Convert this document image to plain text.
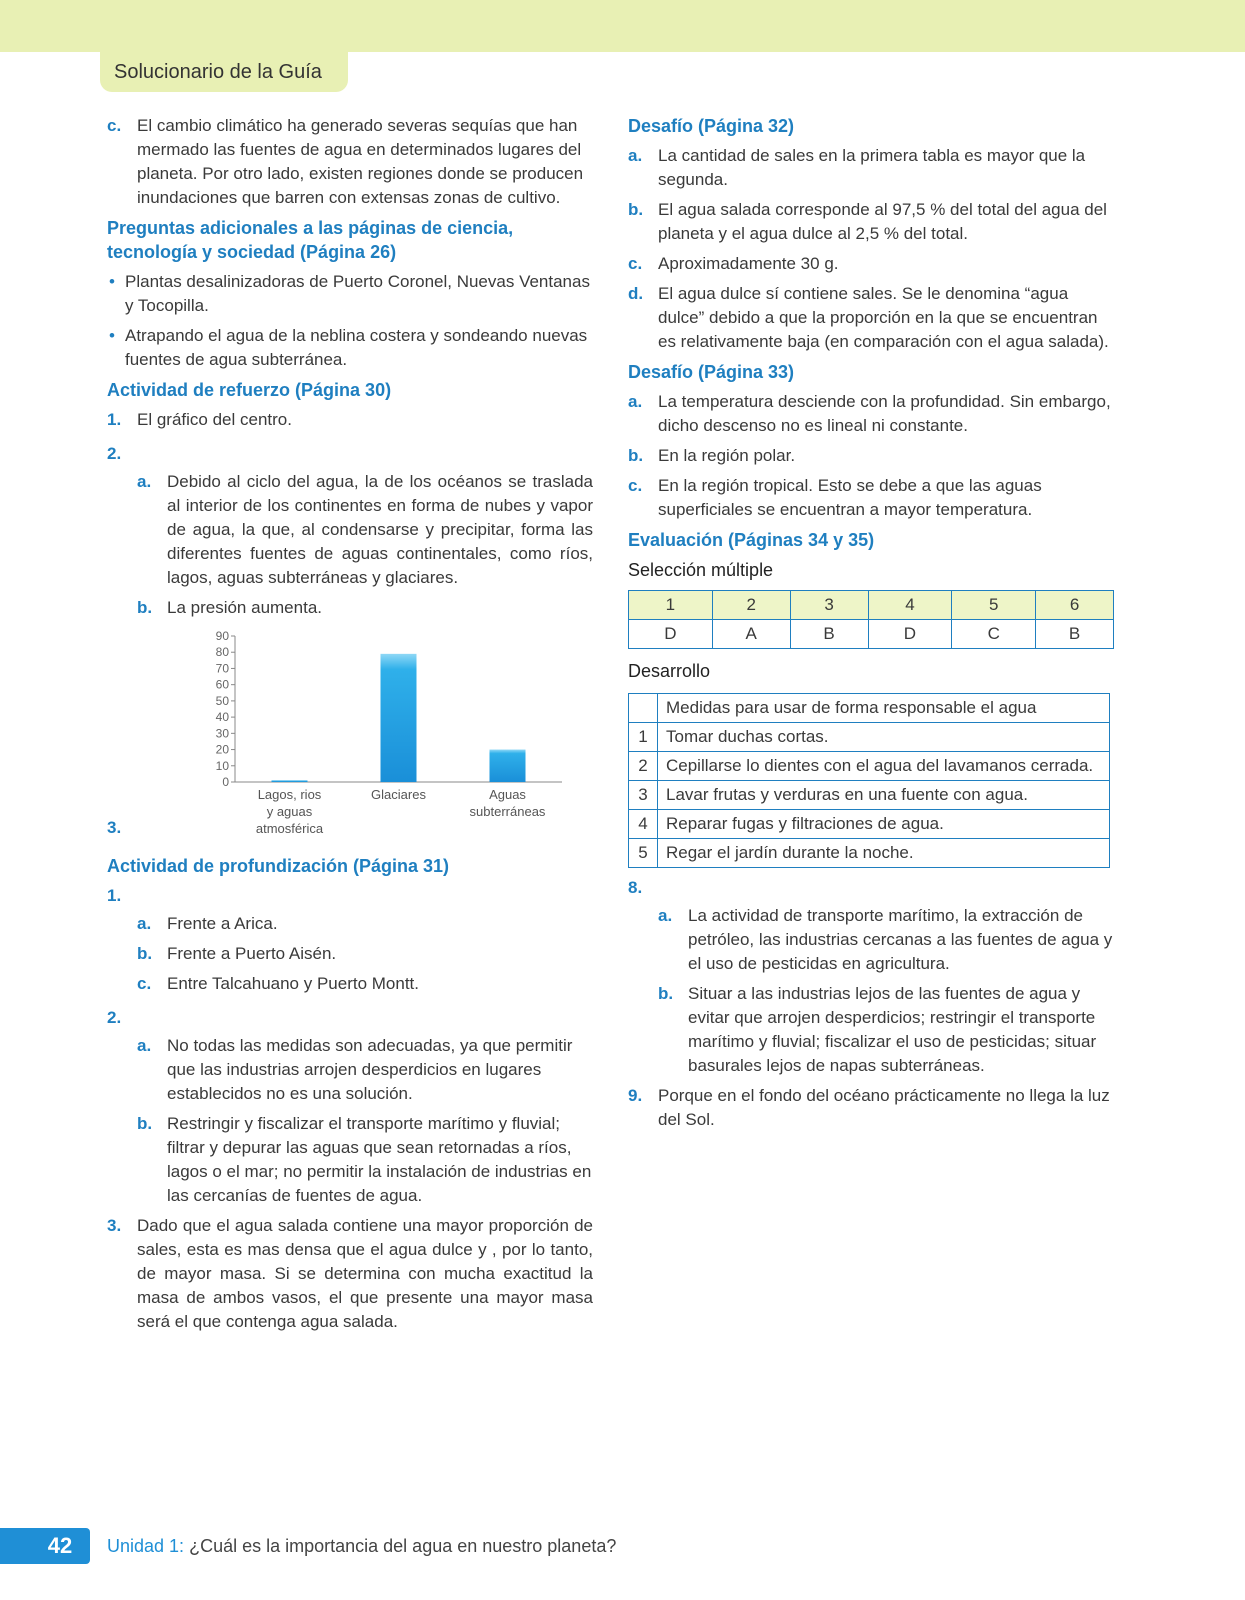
Solucionario de la Guía
c. El cambio climático ha generado severas sequías que han mermado las fuentes de agua en determinados lugares del planeta. Por otro lado, existen regiones donde se producen inundaciones que barren con extensas zonas de cultivo.
Preguntas adicionales a las páginas de ciencia, tecnología y sociedad (Página 26)
• Plantas desalinizadoras de Puerto Coronel, Nuevas Ventanas y Tocopilla.
• Atrapando el agua de la neblina costera y sondeando nuevas fuentes de agua subterránea.
Actividad de refuerzo (Página 30)
1. El gráfico del centro.
2.
a. Debido al ciclo del agua, la de los océanos se traslada al interior de los continentes en forma de nubes y vapor de agua, la que, al condensarse y precipitar, forma las diferentes fuentes de aguas continentales, como ríos, lagos, aguas subterráneas y glaciares.
b. La presión aumenta.
3.
0
10
20
30
40
50
60
70
80
90
Lagos, rios
y aguas
atmosférica
Glaciares	Aguas
subterráneas
Actividad de profundización (Página 31)
1.
a. Frente a Arica.
b. Frente a Puerto Aisén.
c. Entre Talcahuano y Puerto Montt.
2.
a. No todas las medidas son adecuadas, ya que permitir que las industrias arrojen desperdicios en lugares establecidos no es una solución.
b. Restringir y fiscalizar el transporte marítimo y fluvial; filtrar y depurar las aguas que sean retornadas a ríos, lagos o el mar; no permitir la instalación de industrias en las cercanías de fuentes de agua.
3. Dado que el agua salada contiene una mayor proporción de sales, esta es mas densa que el agua dulce y , por lo tanto, de mayor masa. Si se determina con mucha exactitud la masa de ambos vasos, el que presente una mayor masa será el que contenga agua salada.
Desafío (Página 32)
a. La cantidad de sales en la primera tabla es mayor que la segunda.
b. El agua salada corresponde al 97,5 % del total del agua del planeta y el agua dulce al 2,5 % del total.
c. Aproximadamente 30 g.
d. El agua dulce sí contiene sales. Se le denomina “agua dulce” debido a que la proporción en la que se encuentran es relativamente baja (en comparación con el agua salada).
Desafío (Página 33)
a. La temperatura desciende con la profundidad. Sin embargo, dicho descenso no es lineal ni constante.
b. En la región polar.
c. En la región tropical. Esto se debe a que las aguas superficiales se encuentran a mayor temperatura.
Evaluación (Páginas 34 y 35)
Selección múltiple
1	2	3	4	5	6
D	A	B	D	C	B
Desarrollo
	Medidas para usar de forma responsable el agua
1	Tomar duchas cortas.
2	Cepillarse lo dientes con el agua del lavamanos cerrada.
3	Lavar frutas y verduras en una fuente con agua.
4	Reparar fugas y filtraciones de agua.
5	Regar el jardín durante la noche.
8.
a. La actividad de transporte marítimo, la extracción de petróleo, las industrias cercanas a las fuentes de agua y el uso de pesticidas en agricultura.
b. Situar a las industrias lejos de las fuentes de agua y evitar que arrojen desperdicios; restringir el transporte marítimo y fluvial; fiscalizar el uso de pesticidas; situar basurales lejos de napas subterráneas.
9. Porque en el fondo del océano prácticamente no llega la luz del Sol.
42	Unidad 1: ¿Cuál es la importancia del agua en nuestro planeta?
